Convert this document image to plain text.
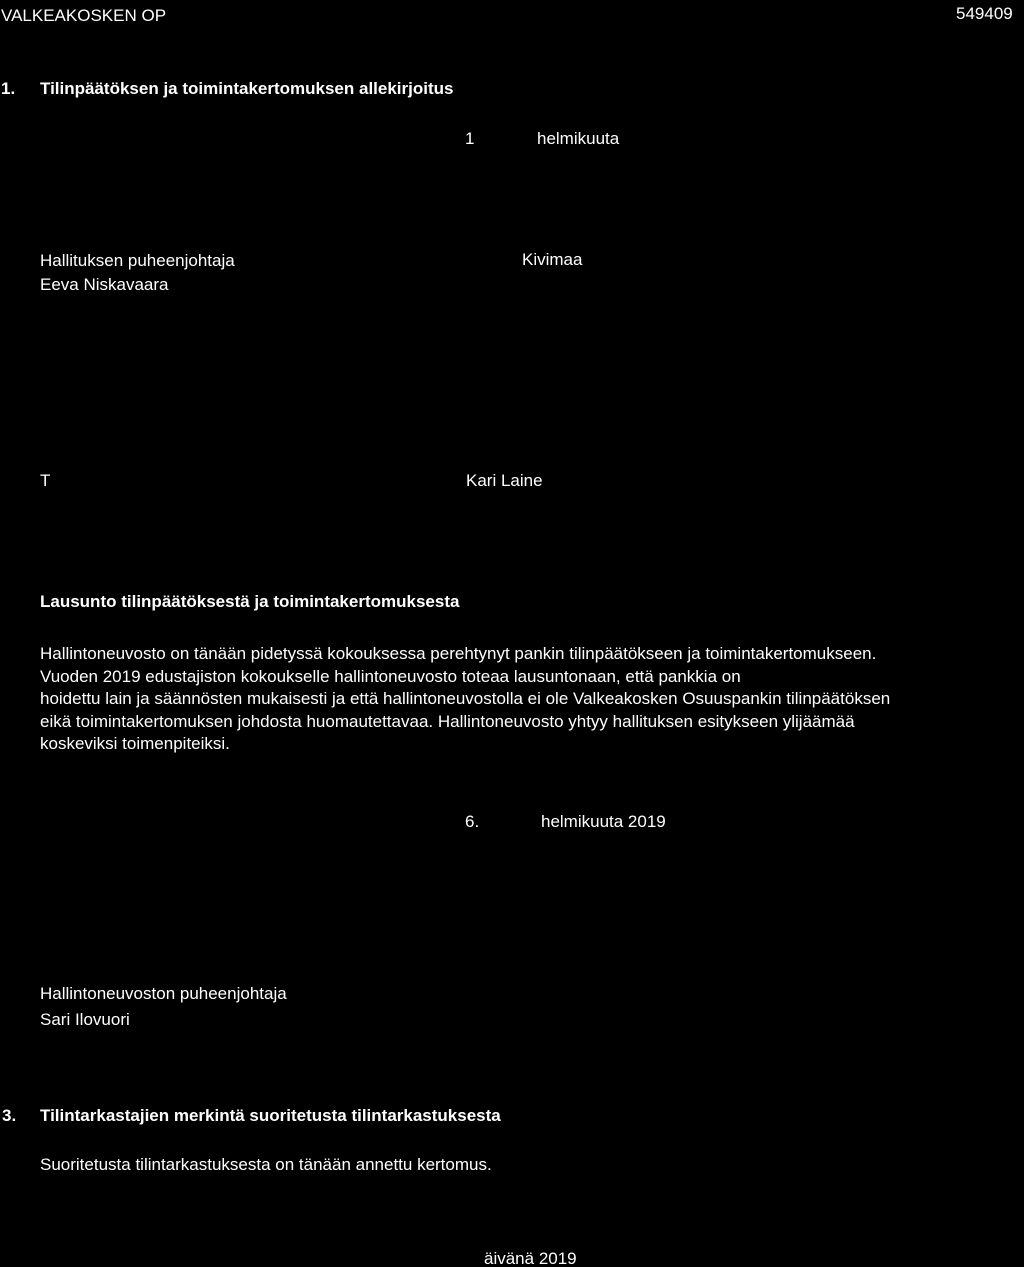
VALKEAKOSKEN OP	549409
1. Tilinpäätöksen ja toimintakertomuksen allekirjoitus
1	helmikuuta
Hallituksen puheenjohtaja
Eeva Niskavaara
Kivimaa
T	Kari Laine
Lausunto tilinpäätöksestä ja toimintakertomuksesta
Hallintoneuvosto on tänään pidetyssä kokouksessa perehtynyt pankin tilinpäätökseen ja toimintakertomukseen.
Vuoden 2019 edustajiston kokoukselle hallintoneuvosto toteaa lausuntonaan, että pankkia on
hoidettu lain ja säännösten mukaisesti ja että hallintoneuvostolla ei ole Valkeakosken Osuuspankin tilinpäätöksen
eikä toimintakertomuksen johdosta huomautettavaa. Hallintoneuvosto yhtyy hallituksen esitykseen ylijäämää
koskeviksi toimenpiteiksi.
6.	helmikuuta 2019
Hallintoneuvoston puheenjohtaja
Sari Ilovuori
3. Tilintarkastajien merkintä suoritetusta tilintarkastuksesta
Suoritetusta tilintarkastuksesta on tänään annettu kertomus.
äivänä 2019
